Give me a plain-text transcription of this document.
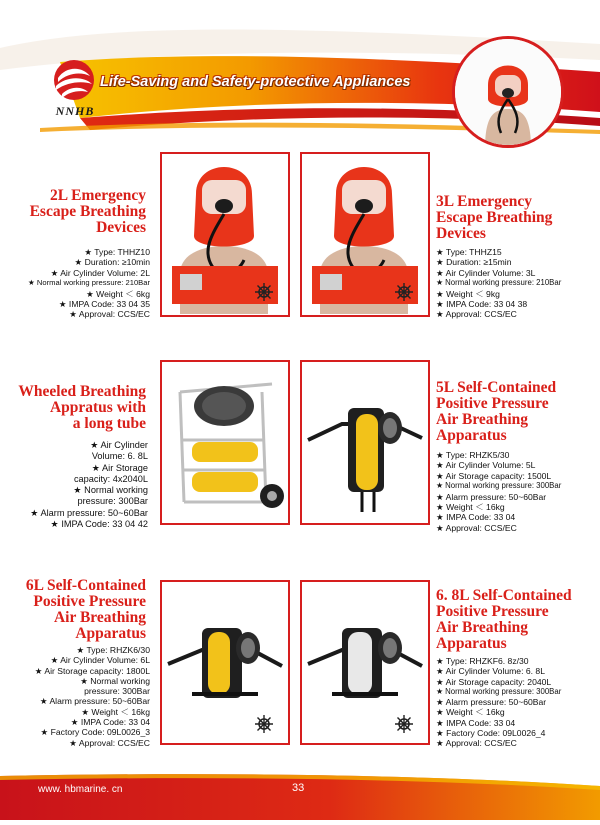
NNHB
Life-Saving and Safety-protective Appliances
2L Emergency
Escape Breathing
Devices
★ Type: THHZ10
★ Duration: ≥10min
★ Air Cylinder Volume: 2L
★ Normal working pressure: 210Bar
★ Weight ＜ 6kg
★ IMPA Code: 33 04 35
★ Approval: CCS/EC
3L Emergency
Escape Breathing
Devices
★ Type: THHZ15
★ Duration: ≥15min
★ Air Cylinder Volume: 3L
★ Normal working pressure: 210Bar
★ Weight ＜ 9kg
★ IMPA Code: 33 04 38
★ Approval: CCS/EC
Wheeled Breathing
Appratus with
a long tube
★ Air Cylinder
Volume: 6. 8L
★ Air Storage
capacity: 4x2040L
★ Normal working
pressure: 300Bar
★ Alarm pressure: 50~60Bar
★ IMPA Code: 33 04 42
5L Self-Contained
Positive Pressure
Air Breathing
Apparatus
★ Type: RHZK5/30
★ Air Cylinder Volume: 5L
★ Air Storage capacity: 1500L
★ Normal working pressure: 300Bar
★ Alarm pressure: 50~60Bar
★ Weight ＜ 16kg
★ IMPA Code: 33 04
★ Approval: CCS/EC
6L Self-Contained
Positive Pressure
Air Breathing
Apparatus
★ Type: RHZK6/30
★ Air Cylinder Volume: 6L
★ Air Storage capacity: 1800L
★ Normal working
pressure: 300Bar
★ Alarm pressure: 50~60Bar
★ Weight ＜ 16kg
★ IMPA Code: 33 04
★ Factory Code: 09L0026_3
★ Approval: CCS/EC
6. 8L Self-Contained
Positive Pressure
Air Breathing
Apparatus
★ Type: RHZKF6. 8z/30
★ Air Cylinder Volume: 6. 8L
★ Air Storage capacity: 2040L
★ Normal working pressure: 300Bar
★ Alarm pressure: 50~60Bar
★ Weight ＜ 16kg
★ IMPA Code: 33 04
★ Factory Code: 09L0026_4
★ Approval: CCS/EC
www. hbmarine. cn	33
